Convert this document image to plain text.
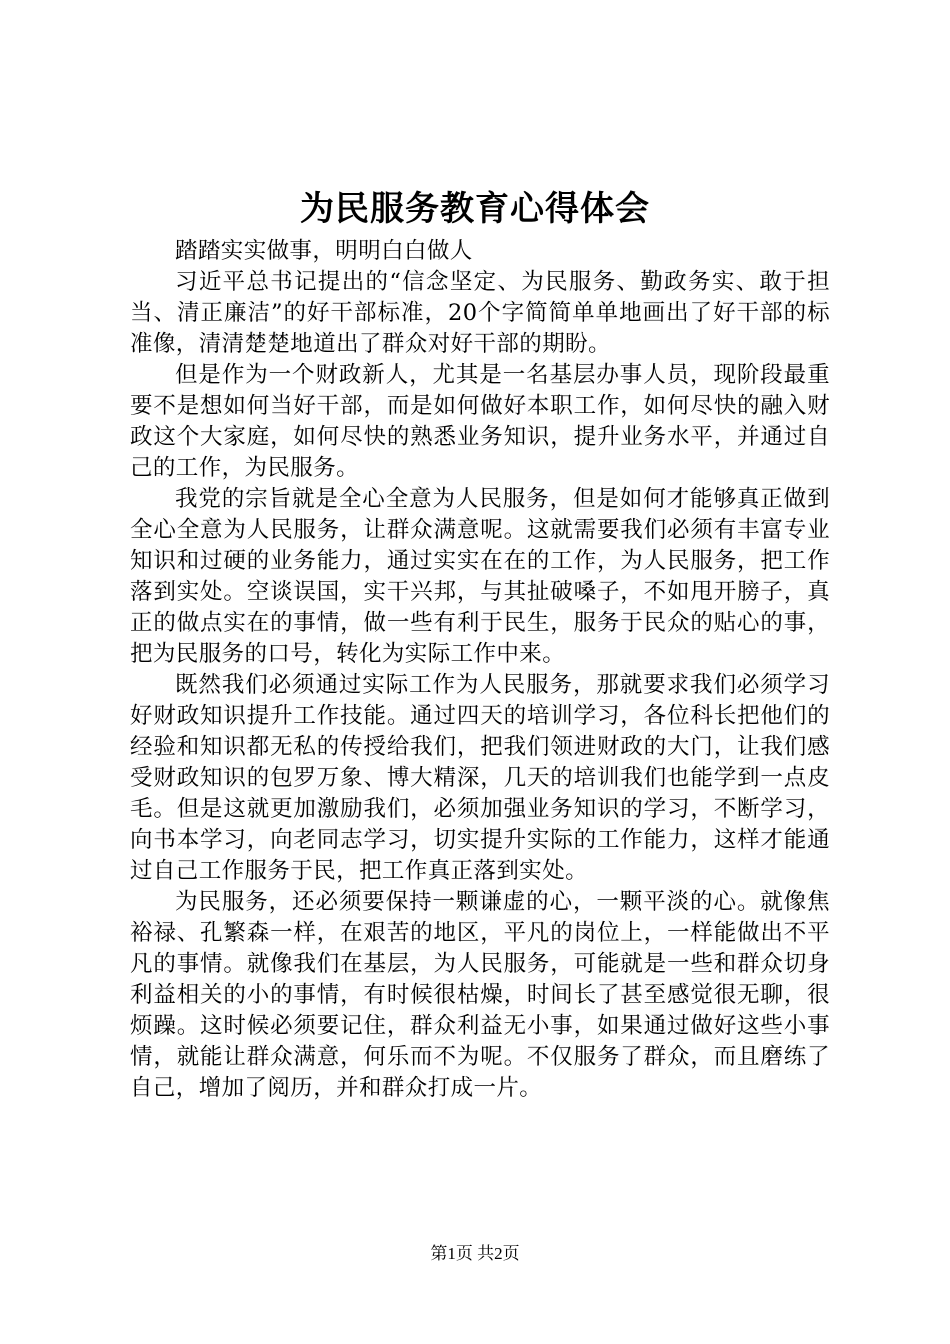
为民服务教育心得体会

踏踏实实做事，明明白白做人

习近平总书记提出的“信念坚定、为民服务、勤政务实、敢于担当、清正廉洁”的好干部标准，20个字简简单单地画出了好干部的标准像，清清楚楚地道出了群众对好干部的期盼。

但是作为一个财政新人，尤其是一名基层办事人员，现阶段最重要不是想如何当好干部，而是如何做好本职工作，如何尽快的融入财政这个大家庭，如何尽快的熟悉业务知识，提升业务水平，并通过自己的工作，为民服务。

我党的宗旨就是全心全意为人民服务，但是如何才能够真正做到全心全意为人民服务，让群众满意呢。这就需要我们必须有丰富专业知识和过硬的业务能力，通过实实在在的工作，为人民服务，把工作落到实处。空谈误国，实干兴邦，与其扯破嗓子，不如甩开膀子，真正的做点实在的事情，做一些有利于民生，服务于民众的贴心的事，把为民服务的口号，转化为实际工作中来。

既然我们必须通过实际工作为人民服务，那就要求我们必须学习好财政知识提升工作技能。通过四天的培训学习，各位科长把他们的经验和知识都无私的传授给我们，把我们领进财政的大门，让我们感受财政知识的包罗万象、博大精深，几天的培训我们也能学到一点皮毛。但是这就更加激励我们，必须加强业务知识的学习，不断学习，向书本学习，向老同志学习，切实提升实际的工作能力，这样才能通过自己工作服务于民，把工作真正落到实处。

为民服务，还必须要保持一颗谦虚的心，一颗平淡的心。就像焦裕禄、孔繁森一样，在艰苦的地区，平凡的岗位上，一样能做出不平凡的事情。就像我们在基层，为人民服务，可能就是一些和群众切身利益相关的小的事情，有时候很枯燥，时间长了甚至感觉很无聊，很烦躁。这时候必须要记住，群众利益无小事，如果通过做好这些小事情，就能让群众满意，何乐而不为呢。不仅服务了群众，而且磨练了自己，增加了阅历，并和群众打成一片。

第1页 共2页
